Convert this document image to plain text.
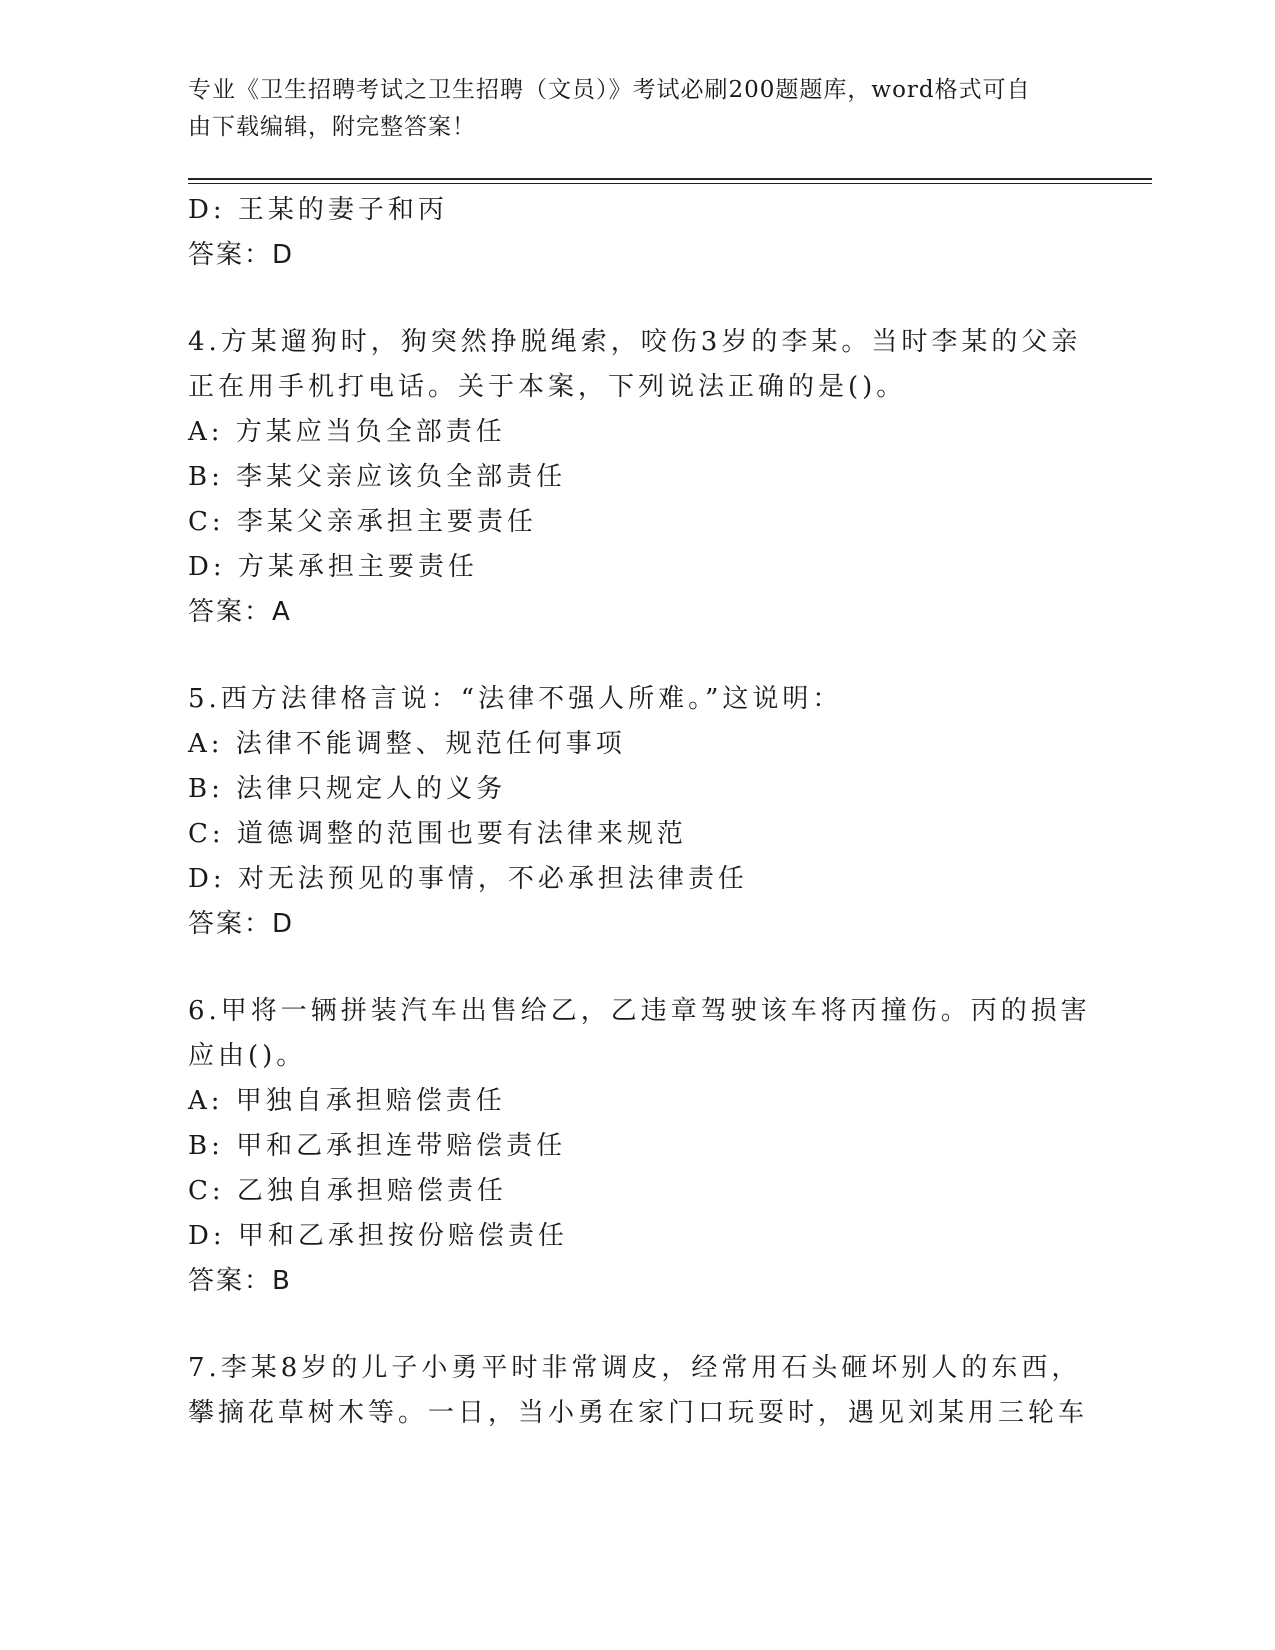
专业《卫生招聘考试之卫生招聘（文员）》考试必刷200题题库，word格式可自
由下载编辑，附完整答案！
D: 王某的妻子和丙
答案：D
4.方某遛狗时，狗突然挣脱绳索，咬伤3岁的李某。当时李某的父亲
正在用手机打电话。关于本案，下列说法正确的是()。
A: 方某应当负全部责任
B: 李某父亲应该负全部责任
C: 李某父亲承担主要责任
D: 方某承担主要责任
答案：A
5.西方法律格言说：“法律不强人所难。”这说明：
A: 法律不能调整、规范任何事项
B: 法律只规定人的义务
C: 道德调整的范围也要有法律来规范
D: 对无法预见的事情，不必承担法律责任
答案：D
6.甲将一辆拼装汽车出售给乙，乙违章驾驶该车将丙撞伤。丙的损害
应由()。
A: 甲独自承担赔偿责任
B: 甲和乙承担连带赔偿责任
C: 乙独自承担赔偿责任
D: 甲和乙承担按份赔偿责任
答案：B
7.李某8岁的儿子小勇平时非常调皮，经常用石头砸坏别人的东西，
攀摘花草树木等。一日，当小勇在家门口玩耍时，遇见刘某用三轮车
